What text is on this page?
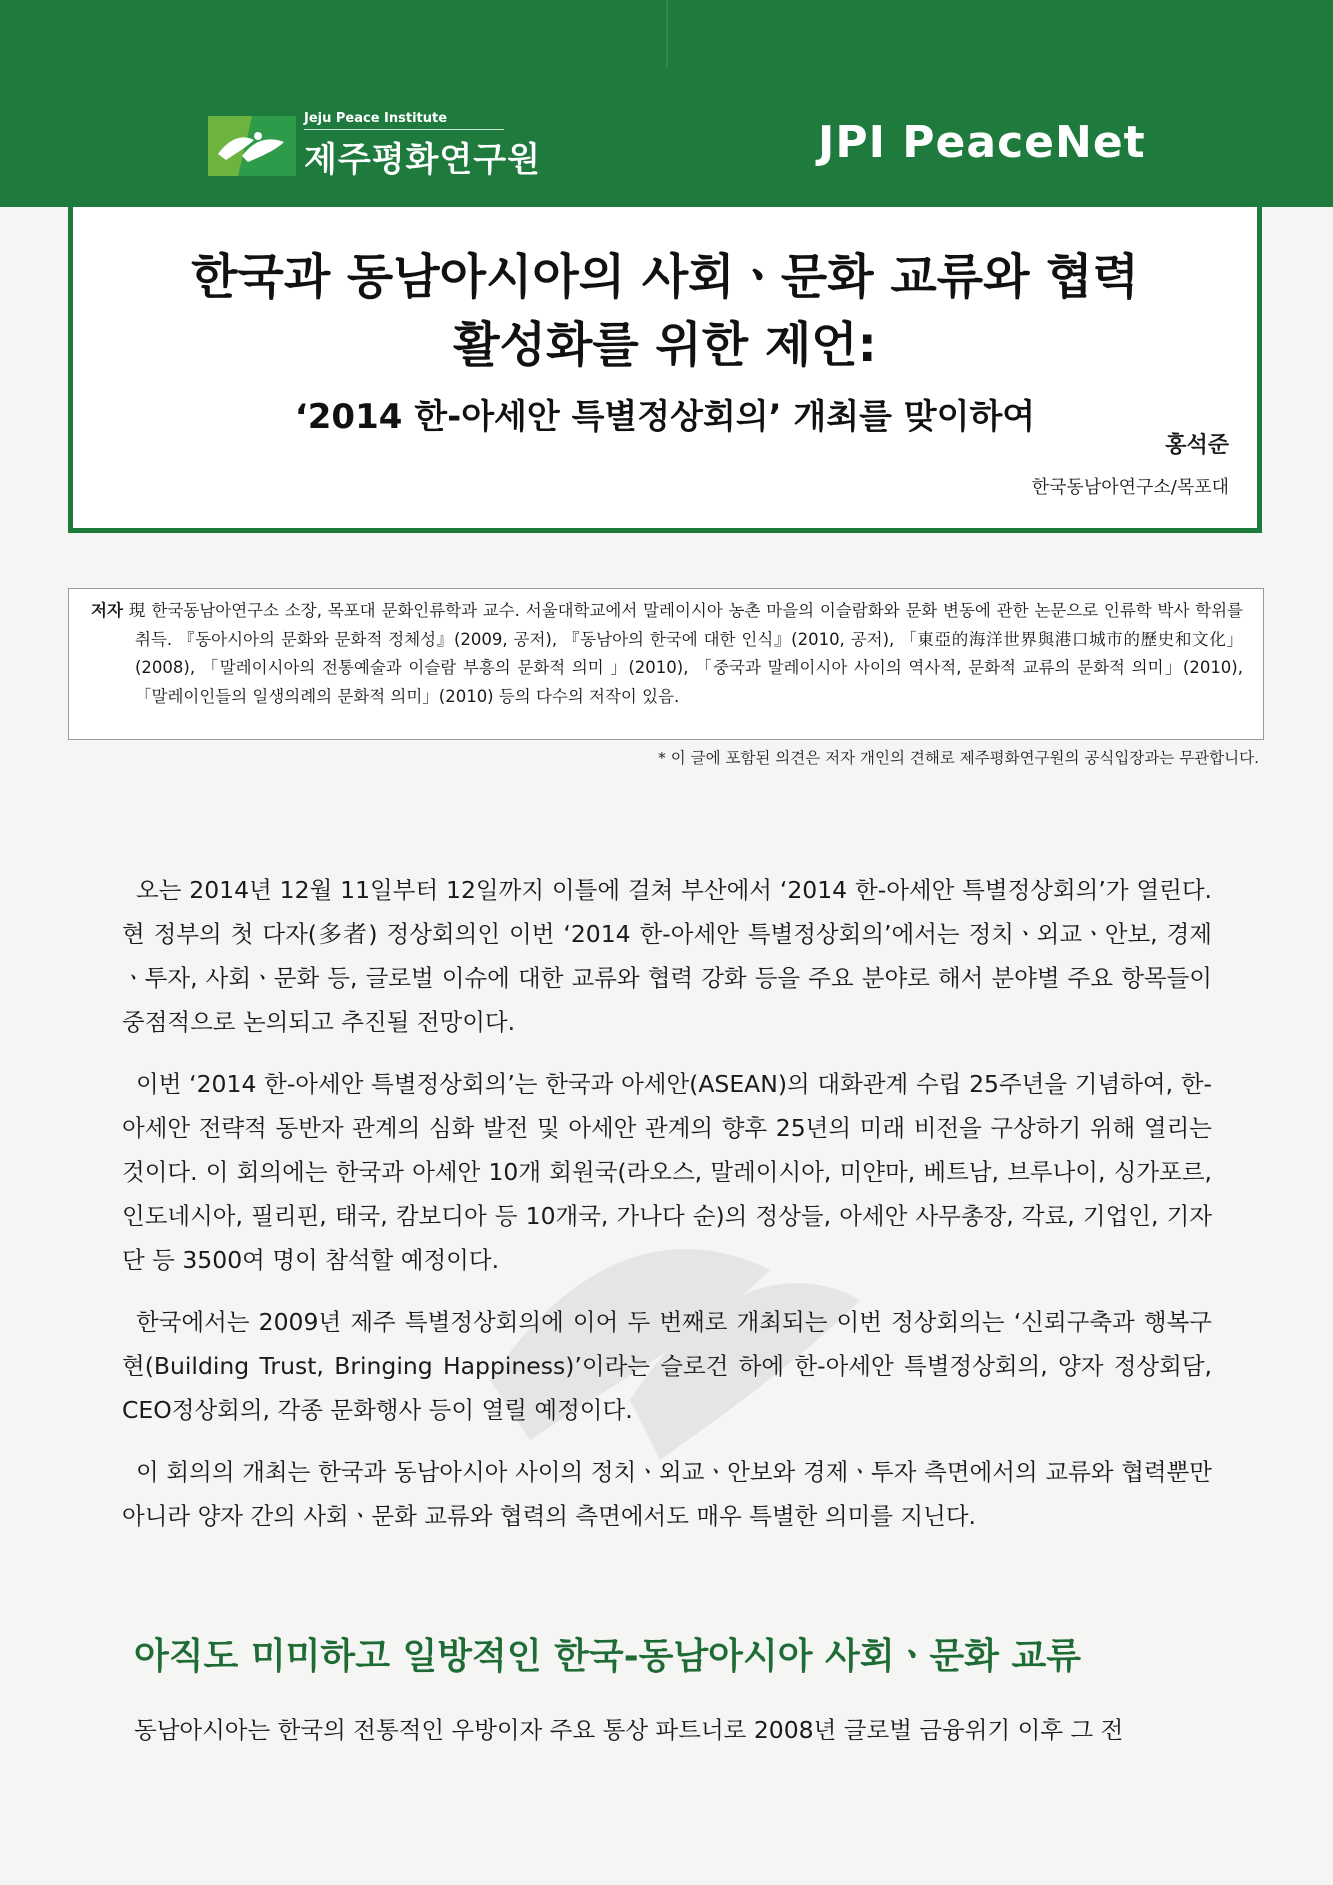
Jeju Peace Institute
제주평화연구원	JPI PeaceNet
한국과 동남아시아의 사회ㆍ문화 교류와 협력
활성화를 위한 제언:
‘2014 한-아세안 특별정상회의’ 개최를 맞이하여
홍석준
한국동남아연구소/목포대

저자 現 한국동남아연구소 소장, 목포대 문화인류학과 교수. 서울대학교에서 말레이시아 농촌 마을의 이슬람화와 문화 변동에 관한 논문으로 인류학 박사 학위를 취득. 『동아시아의 문화와 문화적 정체성』(2009, 공저), 『동남아의 한국에 대한 인식』(2010, 공저), 「東亞的海洋世界與港口城市的歷史和文化」(2008), 「말레이시아의 전통예술과 이슬람 부흥의 문화적 의미 」(2010), 「중국과 말레이시아 사이의 역사적, 문화적 교류의 문화적 의미」(2010), 「말레이인들의 일생의례의 문화적 의미」(2010) 등의 다수의 저작이 있음.

* 이 글에 포함된 의견은 저자 개인의 견해로 제주평화연구원의 공식입장과는 무관합니다.

오는 2014년 12월 11일부터 12일까지 이틀에 걸쳐 부산에서 ‘2014 한-아세안 특별정상회의’가 열린다. 현 정부의 첫 다자(多者) 정상회의인 이번 ‘2014 한-아세안 특별정상회의’에서는 정치ㆍ외교ㆍ안보, 경제ㆍ투자, 사회ㆍ문화 등, 글로벌 이슈에 대한 교류와 협력 강화 등을 주요 분야로 해서 분야별 주요 항목들이 중점적으로 논의되고 추진될 전망이다.

이번 ‘2014 한-아세안 특별정상회의’는 한국과 아세안(ASEAN)의 대화관계 수립 25주년을 기념하여, 한-아세안 전략적 동반자 관계의 심화 발전 및 아세안 관계의 향후 25년의 미래 비전을 구상하기 위해 열리는 것이다. 이 회의에는 한국과 아세안 10개 회원국(라오스, 말레이시아, 미얀마, 베트남, 브루나이, 싱가포르, 인도네시아, 필리핀, 태국, 캄보디아 등 10개국, 가나다 순)의 정상들, 아세안 사무총장, 각료, 기업인, 기자단 등 3500여 명이 참석할 예정이다.

한국에서는 2009년 제주 특별정상회의에 이어 두 번째로 개최되는 이번 정상회의는 ‘신뢰구축과 행복구현(Building Trust, Bringing Happiness)’이라는 슬로건 하에 한-아세안 특별정상회의, 양자 정상회담, CEO정상회의, 각종 문화행사 등이 열릴 예정이다.

이 회의의 개최는 한국과 동남아시아 사이의 정치ㆍ외교ㆍ안보와 경제ㆍ투자 측면에서의 교류와 협력뿐만 아니라 양자 간의 사회ㆍ문화 교류와 협력의 측면에서도 매우 특별한 의미를 지닌다.

아직도 미미하고 일방적인 한국-동남아시아 사회ㆍ문화 교류
동남아시아는 한국의 전통적인 우방이자 주요 통상 파트너로 2008년 글로벌 금융위기 이후 그 전
